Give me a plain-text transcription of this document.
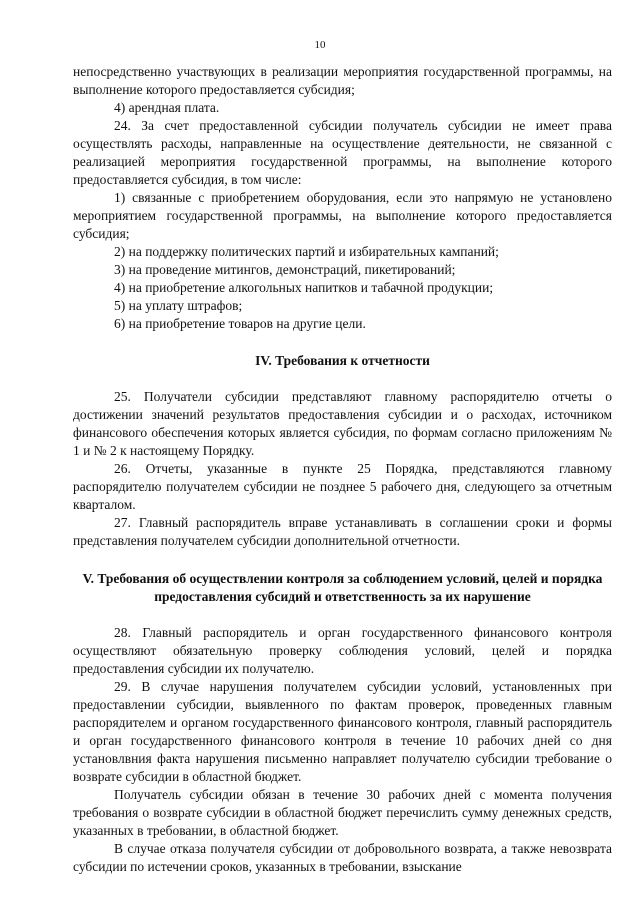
10

непосредственно участвующих в реализации мероприятия государственной программы, на выполнение которого предоставляется субсидия;

4) арендная плата.

24. За счет предоставленной субсидии получатель субсидии не имеет права осуществлять расходы, направленные на осуществление деятельности, не связанной с реализацией мероприятия государственной программы, на выполнение которого предоставляется субсидия, в том числе:

1) связанные с приобретением оборудования, если это напрямую не установлено мероприятием государственной программы, на выполнение которого предоставляется субсидия;

2) на поддержку политических партий и избирательных кампаний;

3) на проведение митингов, демонстраций, пикетирований;

4) на приобретение алкогольных напитков и табачной продукции;

5) на уплату штрафов;

6) на приобретение товаров на другие цели.

IV. Требования к отчетности

25. Получатели субсидии представляют главному распорядителю отчеты о достижении значений результатов предоставления субсидии и о расходах, источником финансового обеспечения которых является субсидия, по формам согласно приложениям № 1 и № 2 к настоящему Порядку.

26. Отчеты, указанные в пункте 25 Порядка, представляются главному распорядителю получателем субсидии не позднее 5 рабочего дня, следующего за отчетным кварталом.

27. Главный распорядитель вправе устанавливать в соглашении сроки и формы представления получателем субсидии дополнительной отчетности.

V. Требования об осуществлении контроля за соблюдением условий, целей и порядка предоставления субсидий и ответственность за их нарушение

28. Главный распорядитель и орган государственного финансового контроля осуществляют обязательную проверку соблюдения условий, целей и порядка предоставления субсидии их получателю.

29. В случае нарушения получателем субсидии условий, установленных при предоставлении субсидии, выявленного по фактам проверок, проведенных главным распорядителем и органом государственного финансового контроля, главный распорядитель и орган государственного финансового контроля в течение 10 рабочих дней со дня установлвния факта нарушения письменно направляет получателю субсидии требование о возврате субсидии в областной бюджет.

Получатель субсидии обязан в течение 30 рабочих дней с момента получения требования о возврате субсидии в областной бюджет перечислить сумму денежных средств, указанных в требовании, в областной бюджет.

В случае отказа получателя субсидии от добровольного возврата, а также невозврата субсидии по истечении сроков, указанных в требовании, взыскание
